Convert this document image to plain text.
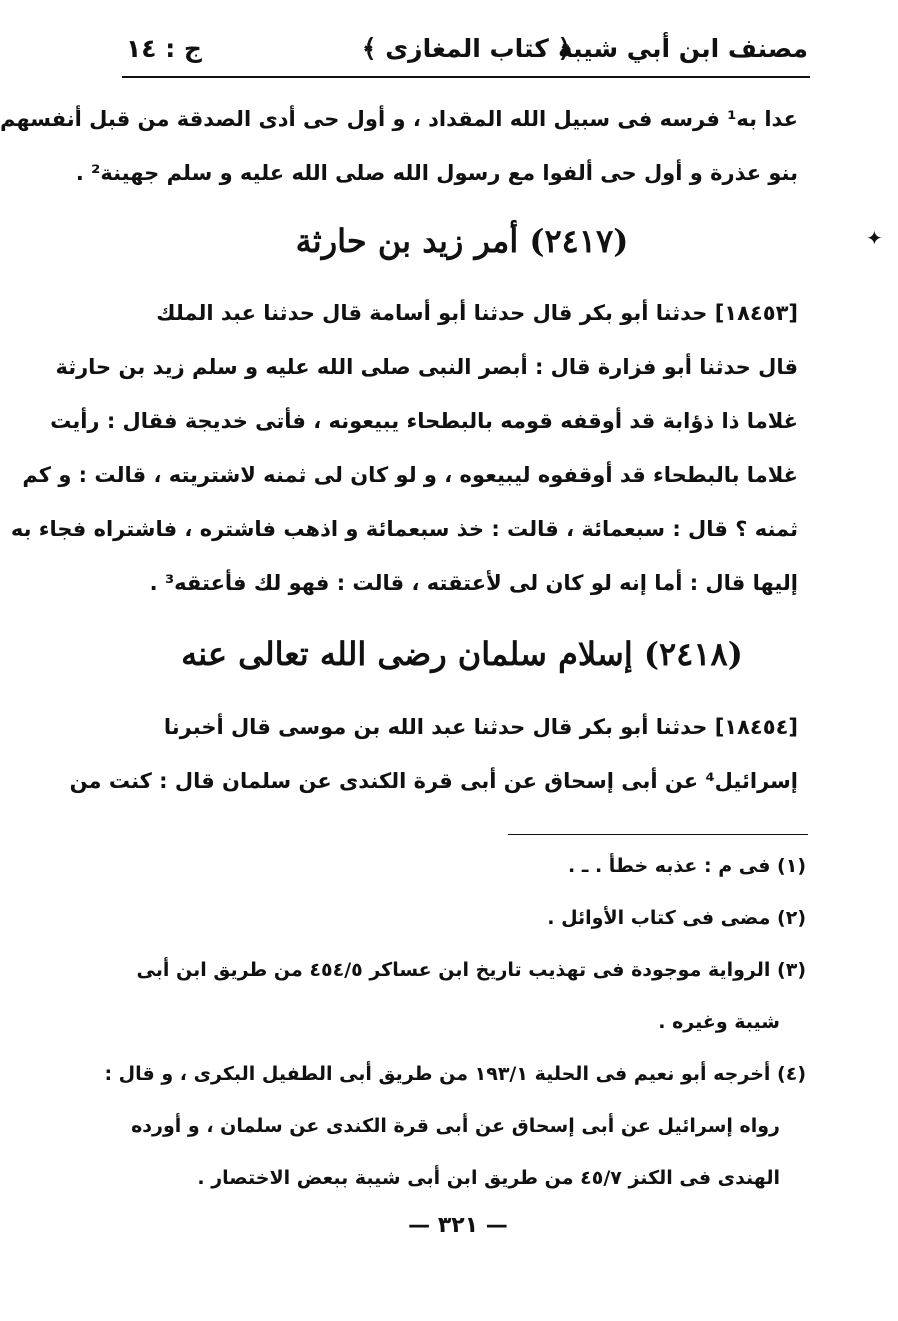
مصنف ابن أبي شيبة
﴿ كتاب المغازى ﴾
ج : ١٤
✦
عدا به¹ فرسه فى سبيل الله المقداد ، و أول حى أدى الصدقة من قبل أنفسهم
بنو عذرة و أول حى ألفوا مع رسول الله صلى الله عليه و سلم جهينة² .
(٢٤١٧) أمر زيد بن حارثة
[١٨٤٥٣] حدثنا أبو بكر قال حدثنا أبو أسامة قال حدثنا عبد الملك
قال حدثنا أبو فزارة قال : أبصر النبى صلى الله عليه و سلم زيد بن حارثة
غلاما ذا ذؤابة قد أوقفه قومه بالبطحاء يبيعونه ، فأتى خديجة فقال : رأيت
غلاما بالبطحاء قد أوقفوه ليبيعوه ، و لو كان لى ثمنه لاشتريته ، قالت : و كم
ثمنه ؟ قال : سبعمائة ، قالت : خذ سبعمائة و اذهب فاشتره ، فاشتراه فجاء به
إليها قال : أما إنه لو كان لى لأعتقته ، قالت : فهو لك فأعتقه³ .
(٢٤١٨) إسلام سلمان رضى الله تعالى عنه
[١٨٤٥٤] حدثنا أبو بكر قال حدثنا عبد الله بن موسى قال أخبرنا
إسرائيل⁴ عن أبى إسحاق عن أبى قرة الكندى عن سلمان قال : كنت من
(١) فى م : عذبه خطأ . ـ .
(٢) مضى فى كتاب الأوائل .
(٣) الرواية موجودة فى تهذيب تاريخ ابن عساكر ٤٥٤/٥ من طريق ابن أبى
شيبة وغيره .
(٤) أخرجه أبو نعيم فى الحلية ١٩٣/١ من طريق أبى الطفيل البكرى ، و قال :
رواه إسرائيل عن أبى إسحاق عن أبى قرة الكندى عن سلمان ، و أورده
الهندى فى الكنز ٤٥/٧ من طريق ابن أبى شيبة ببعض الاختصار .
— ٣٢١ —
